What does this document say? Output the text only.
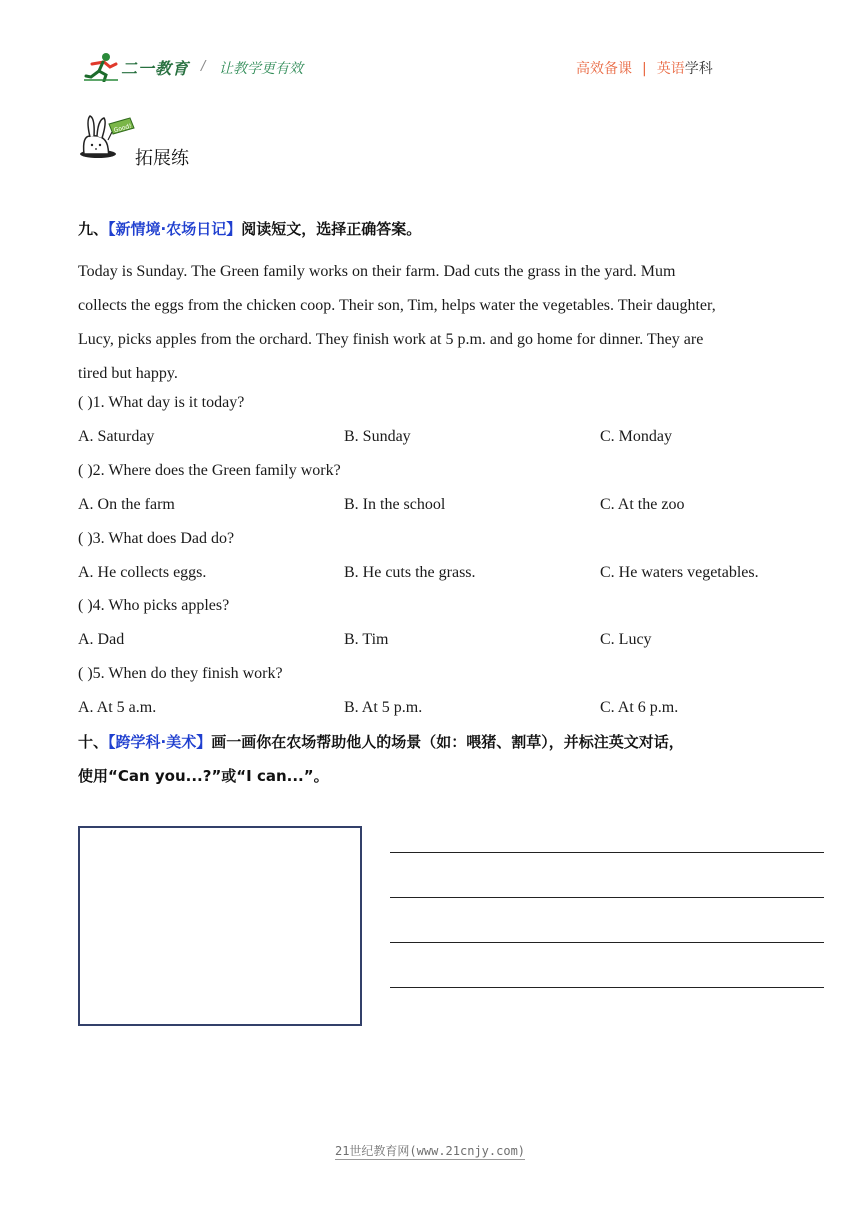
二一教育 / 让教学更有效	高效备课 | 英语学科
Good!
拓展练
九、【新情境·农场日记】阅读短文，选择正确答案。

Today is Sunday. The Green family works on their farm. Dad cuts the grass in the yard. Mum
collects the eggs from the chicken coop. Their son, Tim, helps water the vegetables. Their daughter,
Lucy, picks apples from the orchard. They finish work at 5 p.m. and go home for dinner. They are
tired but happy.

( )1. What day is it today?
A. Saturday	B. Sunday	C. Monday
( )2. Where does the Green family work?
A. On the farm	B. In the school	C. At the zoo
( )3. What does Dad do?
A. He collects eggs.	B. He cuts the grass.	C. He waters vegetables.
( )4. Who picks apples?
A. Dad	B. Tim	C. Lucy
( )5. When do they finish work?
A. At 5 a.m.	B. At 5 p.m.	C. At 6 p.m.
十、【跨学科·美术】画一画你在农场帮助他人的场景（如：喂猪、割草），并标注英文对话，
使用“Can you...?”或“I can...”。
21世纪教育网(www.21cnjy.com)
